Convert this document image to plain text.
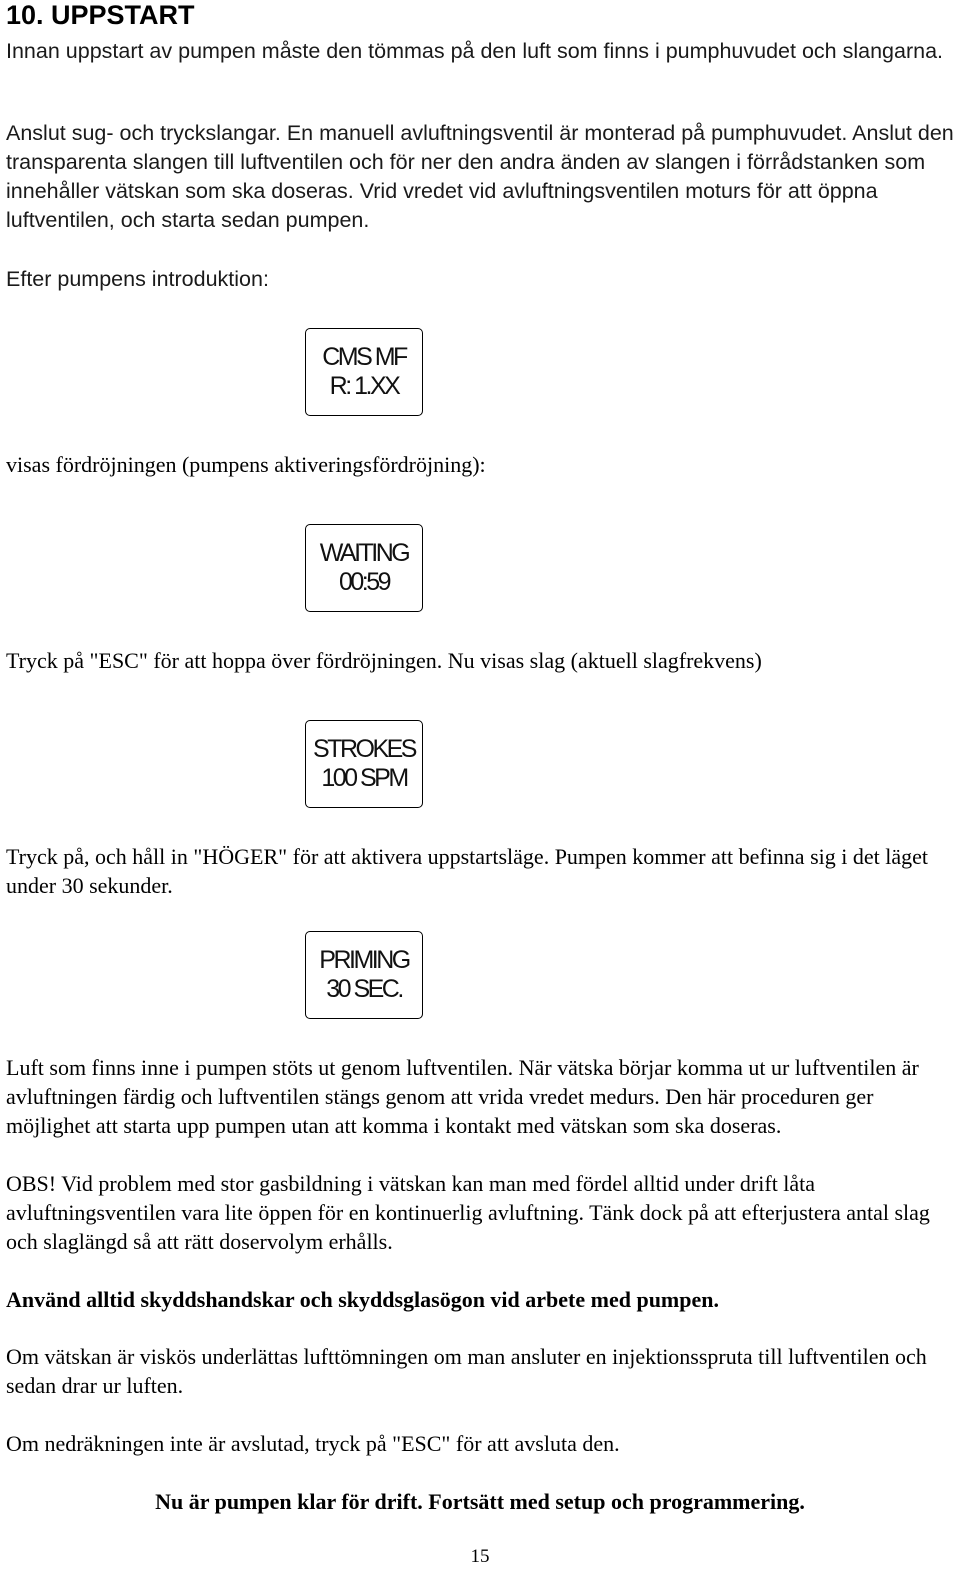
10. UPPSTART
Innan uppstart av pumpen måste den tömmas på den luft som finns i pumphuvudet och slangarna.
Anslut sug- och tryckslangar. En manuell avluftningsventil är monterad på pumphuvudet. Anslut den transparenta slangen till luftventilen och för ner den andra änden av slangen i förrådstanken som innehåller vätskan som ska doseras. Vrid vredet vid avluftningsventilen moturs för att öppna luftventilen, och starta sedan pumpen.
Efter pumpens introduktion:
CMS MF
R: 1.XX
visas fördröjningen (pumpens aktiveringsfördröjning):
WAITING
00:59
Tryck på "ESC" för att hoppa över fördröjningen. Nu visas slag (aktuell slagfrekvens)
STROKES
100 SPM
Tryck på, och håll in "HÖGER" för att aktivera uppstartsläge. Pumpen kommer att befinna sig i det läget under 30 sekunder.
PRIMING
30 SEC.
Luft som finns inne i pumpen stöts ut genom luftventilen. När vätska börjar komma ut ur luftventilen är avluftningen färdig och luftventilen stängs genom att vrida vredet medurs. Den här proceduren ger möjlighet att starta upp pumpen utan att komma i kontakt med vätskan som ska doseras.
OBS! Vid problem med stor gasbildning i vätskan kan man med fördel alltid under drift låta avluftningsventilen vara lite öppen för en kontinuerlig avluftning. Tänk dock på att efterjustera antal slag och slaglängd så att rätt doservolym erhålls.
Använd alltid skyddshandskar och skyddsglasögon vid arbete med pumpen.
Om vätskan är viskös underlättas lufttömningen om man ansluter en injektionsspruta till luftventilen och sedan drar ur luften.
Om nedräkningen inte är avslutad, tryck på "ESC" för att avsluta den.
Nu är pumpen klar för drift. Fortsätt med setup och programmering.
15
